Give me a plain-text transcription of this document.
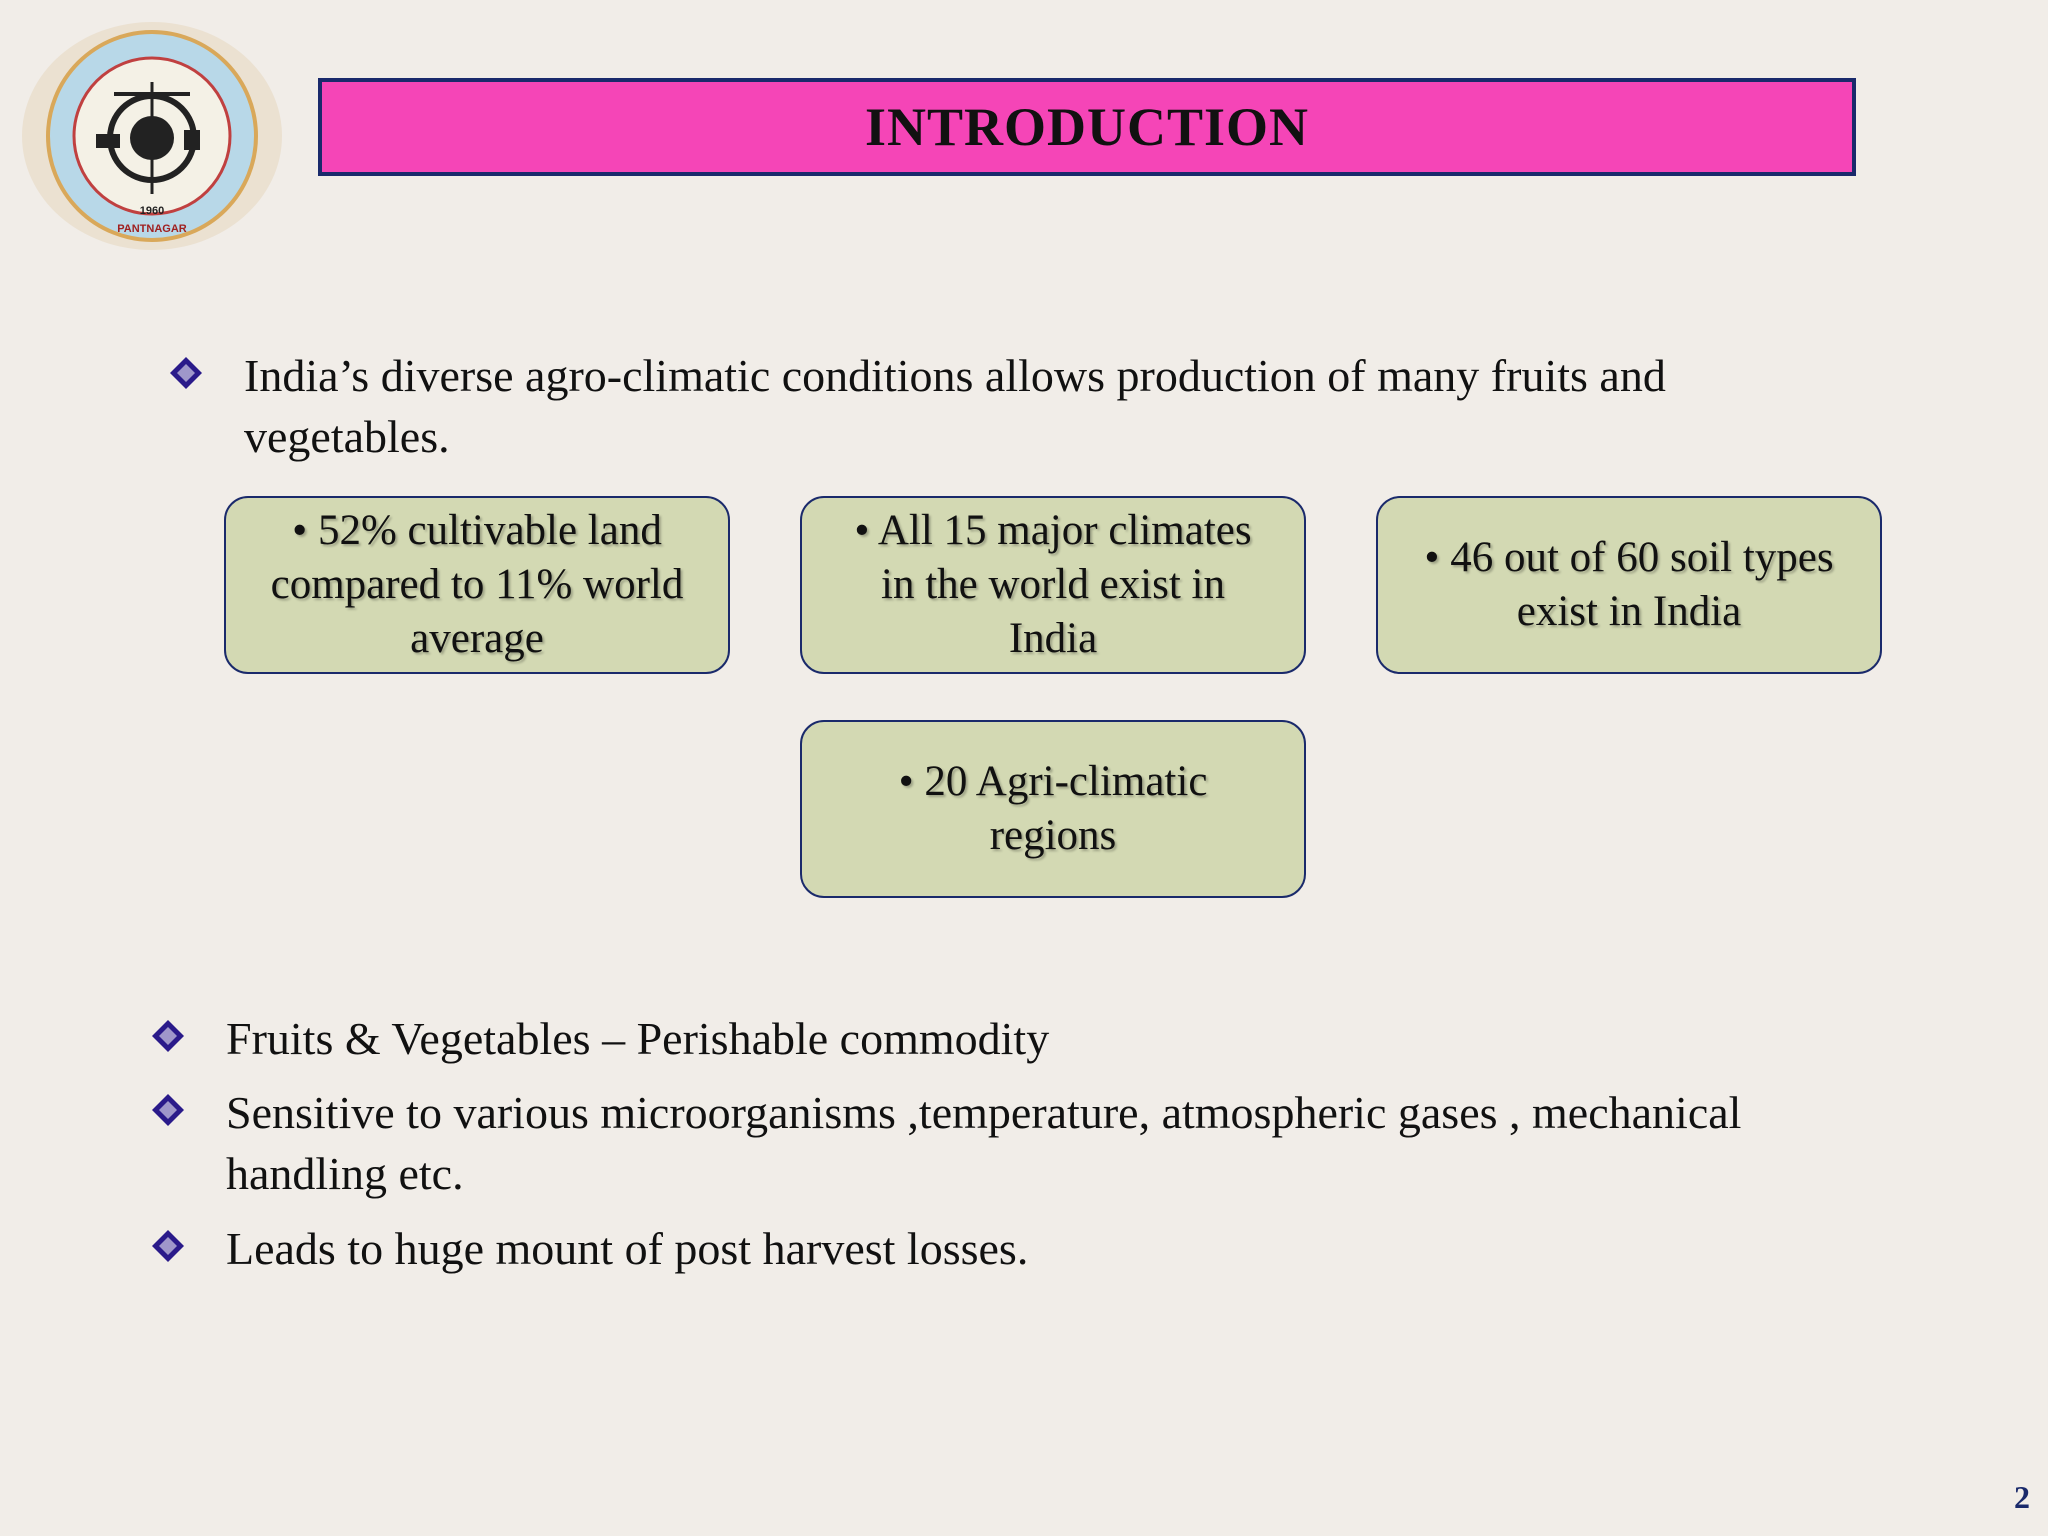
1960
PANTNAGAR
INTRODUCTION
India’s diverse agro-climatic conditions allows production of many fruits and vegetables.
• 52% cultivable land compared to 11% world average
• All 15 major climates in the world exist in India
• 46 out of 60 soil types exist in India
• 20 Agri-climatic regions
Fruits & Vegetables – Perishable commodity
Sensitive to various microorganisms ,temperature, atmospheric gases , mechanical handling etc.
Leads to huge mount of post harvest losses.
2
